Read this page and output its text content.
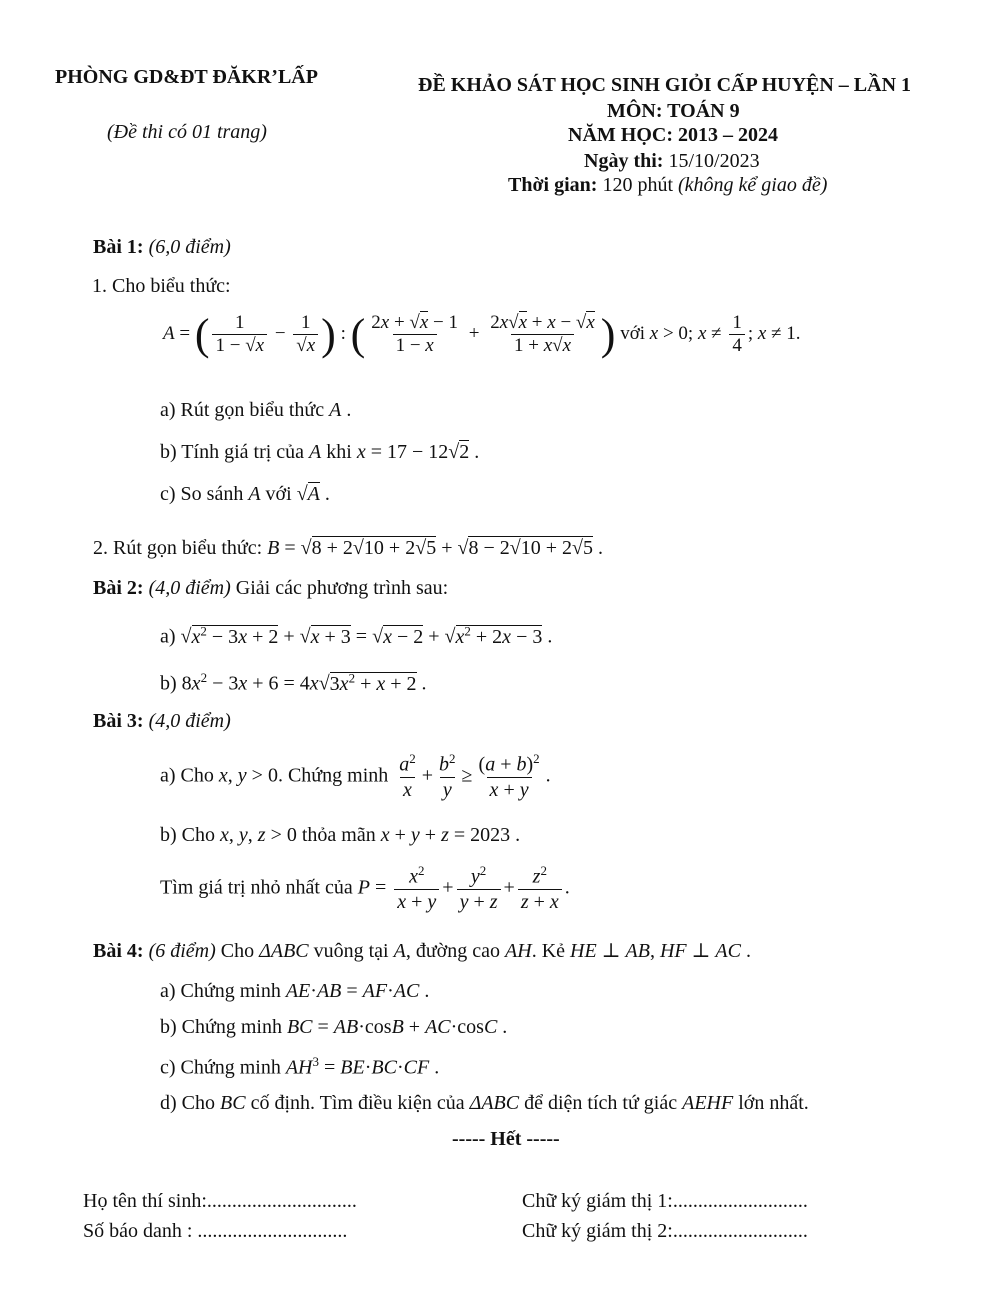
PHÒNG GD&ĐT ĐĂKR’LẤP
(Đề thi có 01 trang)
ĐỀ KHẢO SÁT HỌC SINH GIỎI CẤP HUYỆN – LẦN 1
MÔN: TOÁN 9
NĂM HỌC: 2013 – 2024
Ngày thi: 15/10/2023
Thời gian: 120 phút (không kể giao đề)
Bài 1: (6,0 điểm)
1. Cho biểu thức:
A = ( $\frac{1}{1 - √x} - \frac{1}{√x}$ ) : ( $\frac{2x + √x - 1}{1 - x} + \frac{2x√x + x - √x}{1 + x√x}$ ) với x > 0; $x \ne \frac{1}{4}$ ; x ≠ 1.
a) Rút gọn biểu thức A .
b) Tính giá trị của A khi x = 17 − 12√2 .
c) So sánh A với √A .
2. Rút gọn biểu thức: B = √8 + 2√10 + 2√5 + √8 − 2√10 + 2√5 .
Bài 2: (4,0 điểm) Giải các phương trình sau:
a) $√x^2 - 3x + 2 + √x + 3 = √x - 2 + √x^2 + 2x - 3$ .
b) $8x^2 - 3x + 6 = 4x√3x^2 + x + 2$ .
Bài 3: (4,0 điểm)
a) Cho x, y > 0. Chứng minh $\frac{a^2}{x} + \frac{b^2}{y} \ge \frac{(a + b)^2}{x + y}$ .
b) Cho x, y, z > 0 thỏa mãn x + y + z = 2023 .
Tìm giá trị nhỏ nhất của $P = \frac{x^2}{x + y} + \frac{y^2}{y + z} + \frac{z^2}{z + x}$ .
Bài 4: (6 điểm) Cho ΔABC vuông tại A, đường cao AH. Kẻ HE ⊥ AB, HF ⊥ AC .
a) Chứng minh AE·AB = AF·AC .
b) Chứng minh BC = AB·cosB + AC·cosC .
c) Chứng minh $AH^3 = BE\cdot BC\cdot CF$ .
d) Cho BC cố định. Tìm điều kiện của ΔABC để diện tích tứ giác AEHF lớn nhất.
----- Hết -----
Họ tên thí sinh:..............................
Số báo danh : ..............................
Chữ ký giám thị 1:...........................
Chữ ký giám thị 2:...........................
